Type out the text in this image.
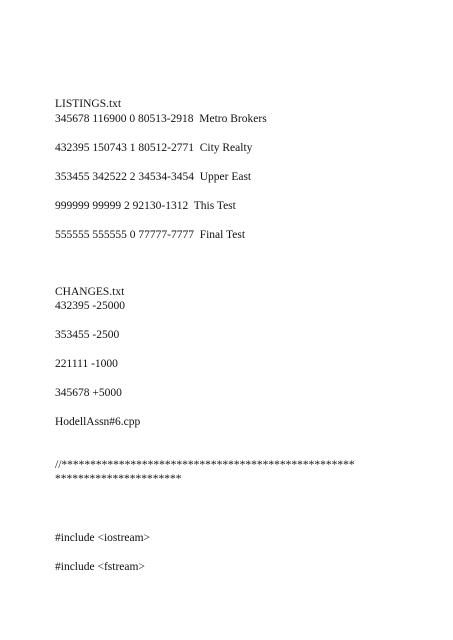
LISTINGS.txt
345678 116900 0 80513-2918  Metro Brokers
432395 150743 1 80512-2771  City Realty
353455 342522 2 34534-3454  Upper East
999999 99999 2 92130-1312  This Test
555555 555555 0 77777-7777  Final Test
CHANGES.txt
432395 -25000
353455 -2500
221111 -1000
345678 +5000
HodellAssn#6.cpp
//***************************************************
**********************
#include <iostream>
#include <fstream>
